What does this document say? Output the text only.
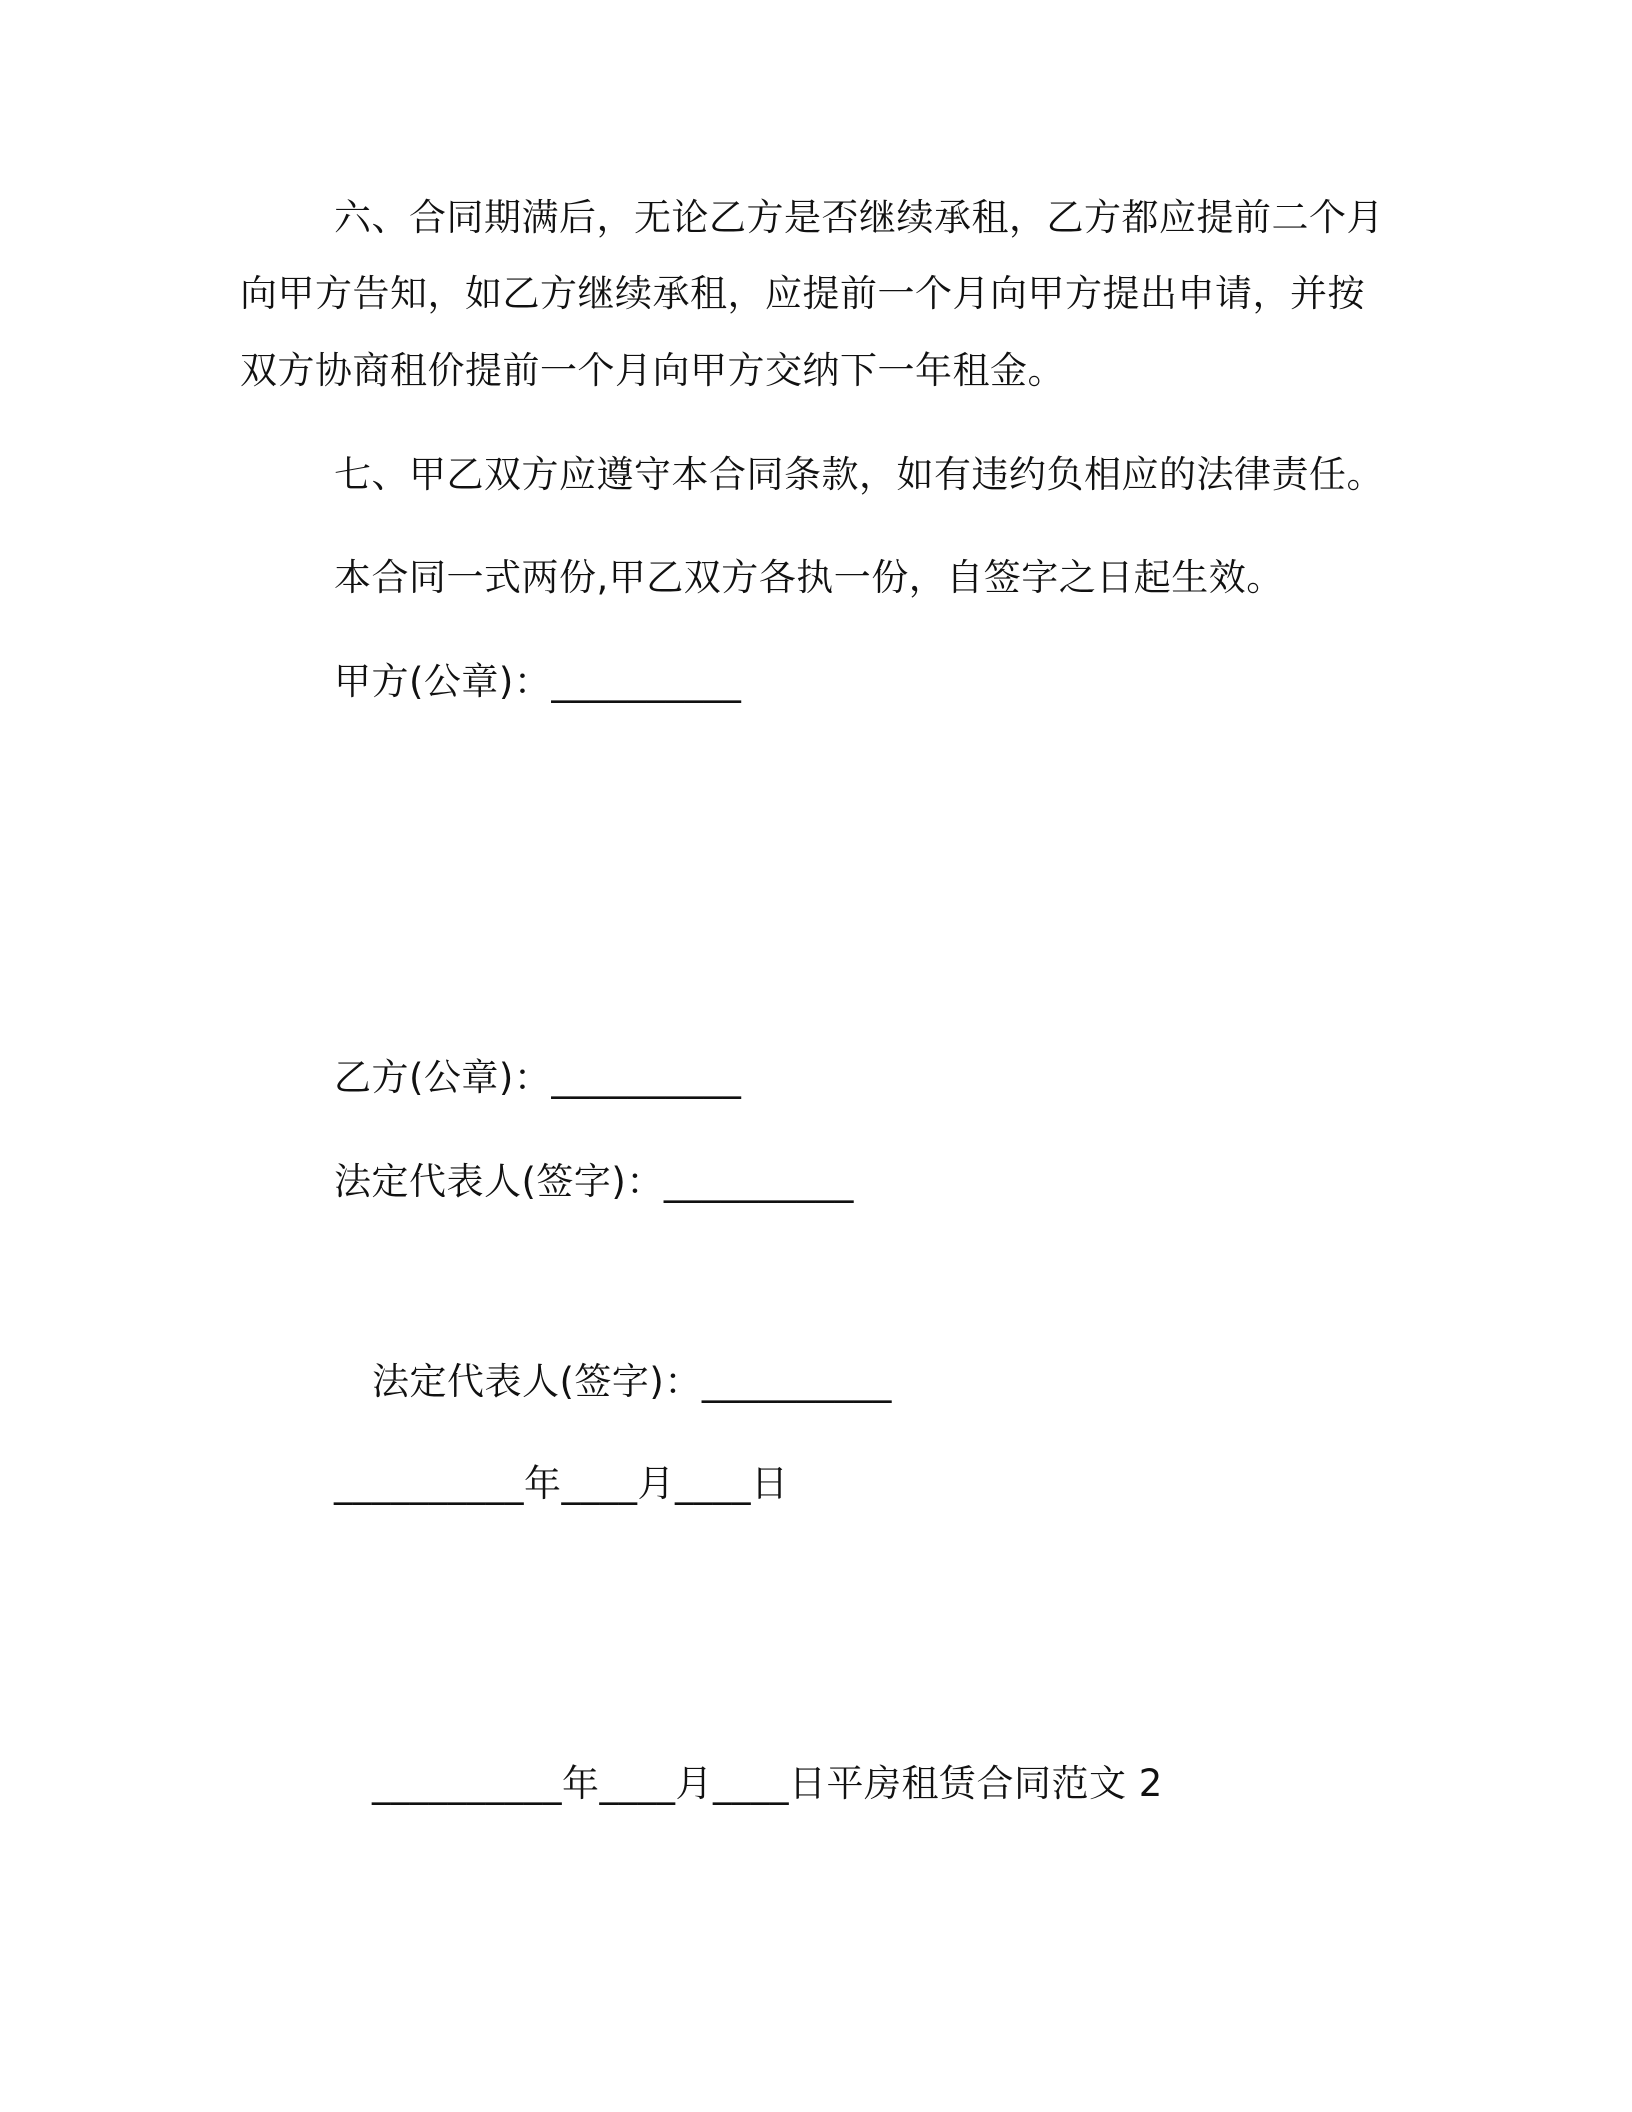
六、合同期满后，无论乙方是否继续承租，乙方都应提前二个月
向甲方告知，如乙方继续承租，应提前一个月向甲方提出申请，并按
双方协商租价提前一个月向甲方交纳下一年租金。
七、甲乙双方应遵守本合同条款，如有违约负相应的法律责任。
本合同一式两份,甲乙双方各执一份，自签字之日起生效。
甲方(公章)：__________
乙方(公章)：__________
法定代表人(签字)：__________
法定代表人(签字)：__________
__________年____月____日
__________年____月____日平房租赁合同范文 2
